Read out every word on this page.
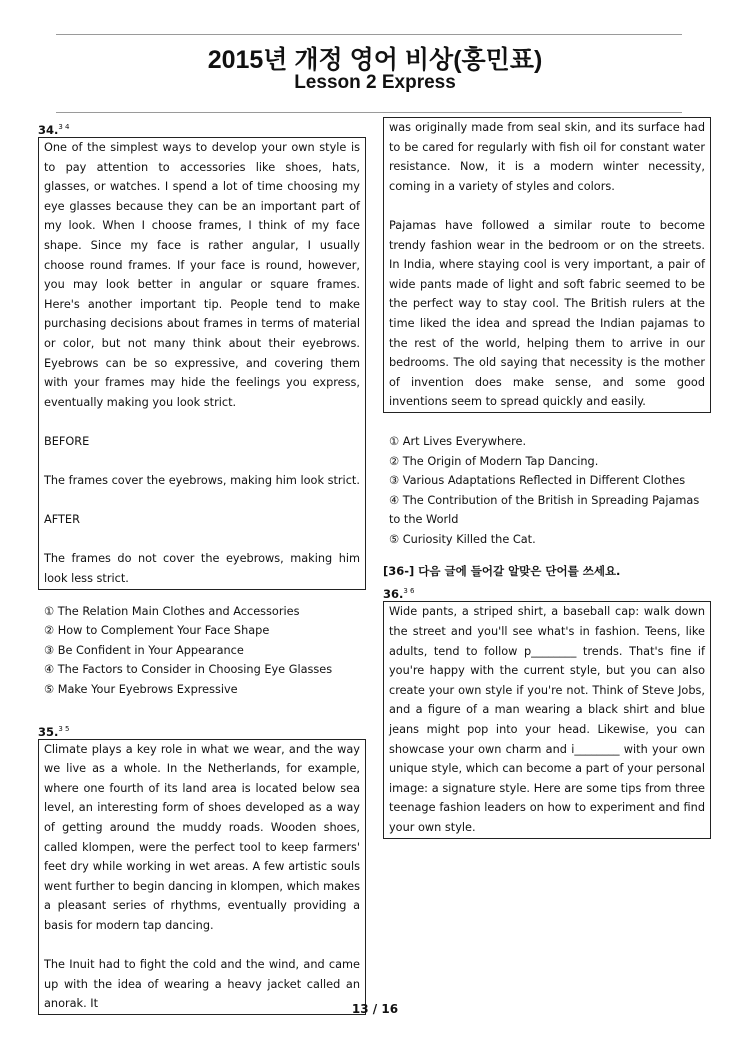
2015년 개정 영어 비상(홍민표)
Lesson 2 Express
34.$^{3 4}$

One of the simplest ways to develop your own style is to pay attention to accessories like shoes, hats, glasses, or watches. I spend a lot of time choosing my eye glasses because they can be an important part of my look. When I choose frames, I think of my face shape. Since my face is rather angular, I usually choose round frames. If your face is round, however, you may look better in angular or square frames. Here's another important tip. People tend to make purchasing decisions about frames in terms of material or color, but not many think about their eyebrows. Eyebrows can be so expressive, and covering them with your frames may hide the feelings you express, eventually making you look strict.

BEFORE

The frames cover the eyebrows, making him look strict.

AFTER

The frames do not cover the eyebrows, making him look less strict.

① The Relation Main Clothes and Accessories
② How to Complement Your Face Shape
③ Be Confident in Your Appearance
④ The Factors to Consider in Choosing Eye Glasses
⑤ Make Your Eyebrows Expressive
35.$^{3 5}$

Climate plays a key role in what we wear, and the way we live as a whole. In the Netherlands, for example, where one fourth of its land area is located below sea level, an interesting form of shoes developed as a way of getting around the muddy roads. Wooden shoes, called klompen, were the perfect tool to keep farmers' feet dry while working in wet areas. A few artistic souls went further to begin dancing in klompen, which makes a pleasant series of rhythms, eventually providing a basis for modern tap dancing.

The Inuit had to fight the cold and the wind, and came up with the idea of wearing a heavy jacket called an anorak. It

was originally made from seal skin, and its surface had to be cared for regularly with fish oil for constant water resistance. Now, it is a modern winter necessity, coming in a variety of styles and colors.

Pajamas have followed a similar route to become trendy fashion wear in the bedroom or on the streets. In India, where staying cool is very important, a pair of wide pants made of light and soft fabric seemed to be the perfect way to stay cool. The British rulers at the time liked the idea and spread the Indian pajamas to the rest of the world, helping them to arrive in our bedrooms. The old saying that necessity is the mother of invention does make sense, and some good inventions seem to spread quickly and easily.

① Art Lives Everywhere.
② The Origin of Modern Tap Dancing.
③ Various Adaptations Reflected in Different Clothes
④ The Contribution of the British in Spreading Pajamas to the World
⑤ Curiosity Killed the Cat.
[36-] 다음 글에 들어갈 알맞은 단어를 쓰세요.
36.$^{3 6}$

Wide pants, a striped shirt, a baseball cap: walk down the street and you'll see what's in fashion. Teens, like adults, tend to follow p________ trends. That's fine if you're happy with the current style, but you can also create your own style if you're not. Think of Steve Jobs, and a figure of a man wearing a black shirt and blue jeans might pop into your head. Likewise, you can showcase your own charm and i________ with your own unique style, which can become a part of your personal image: a signature style. Here are some tips from three teenage fashion leaders on how to experiment and find your own style.

13 / 16
